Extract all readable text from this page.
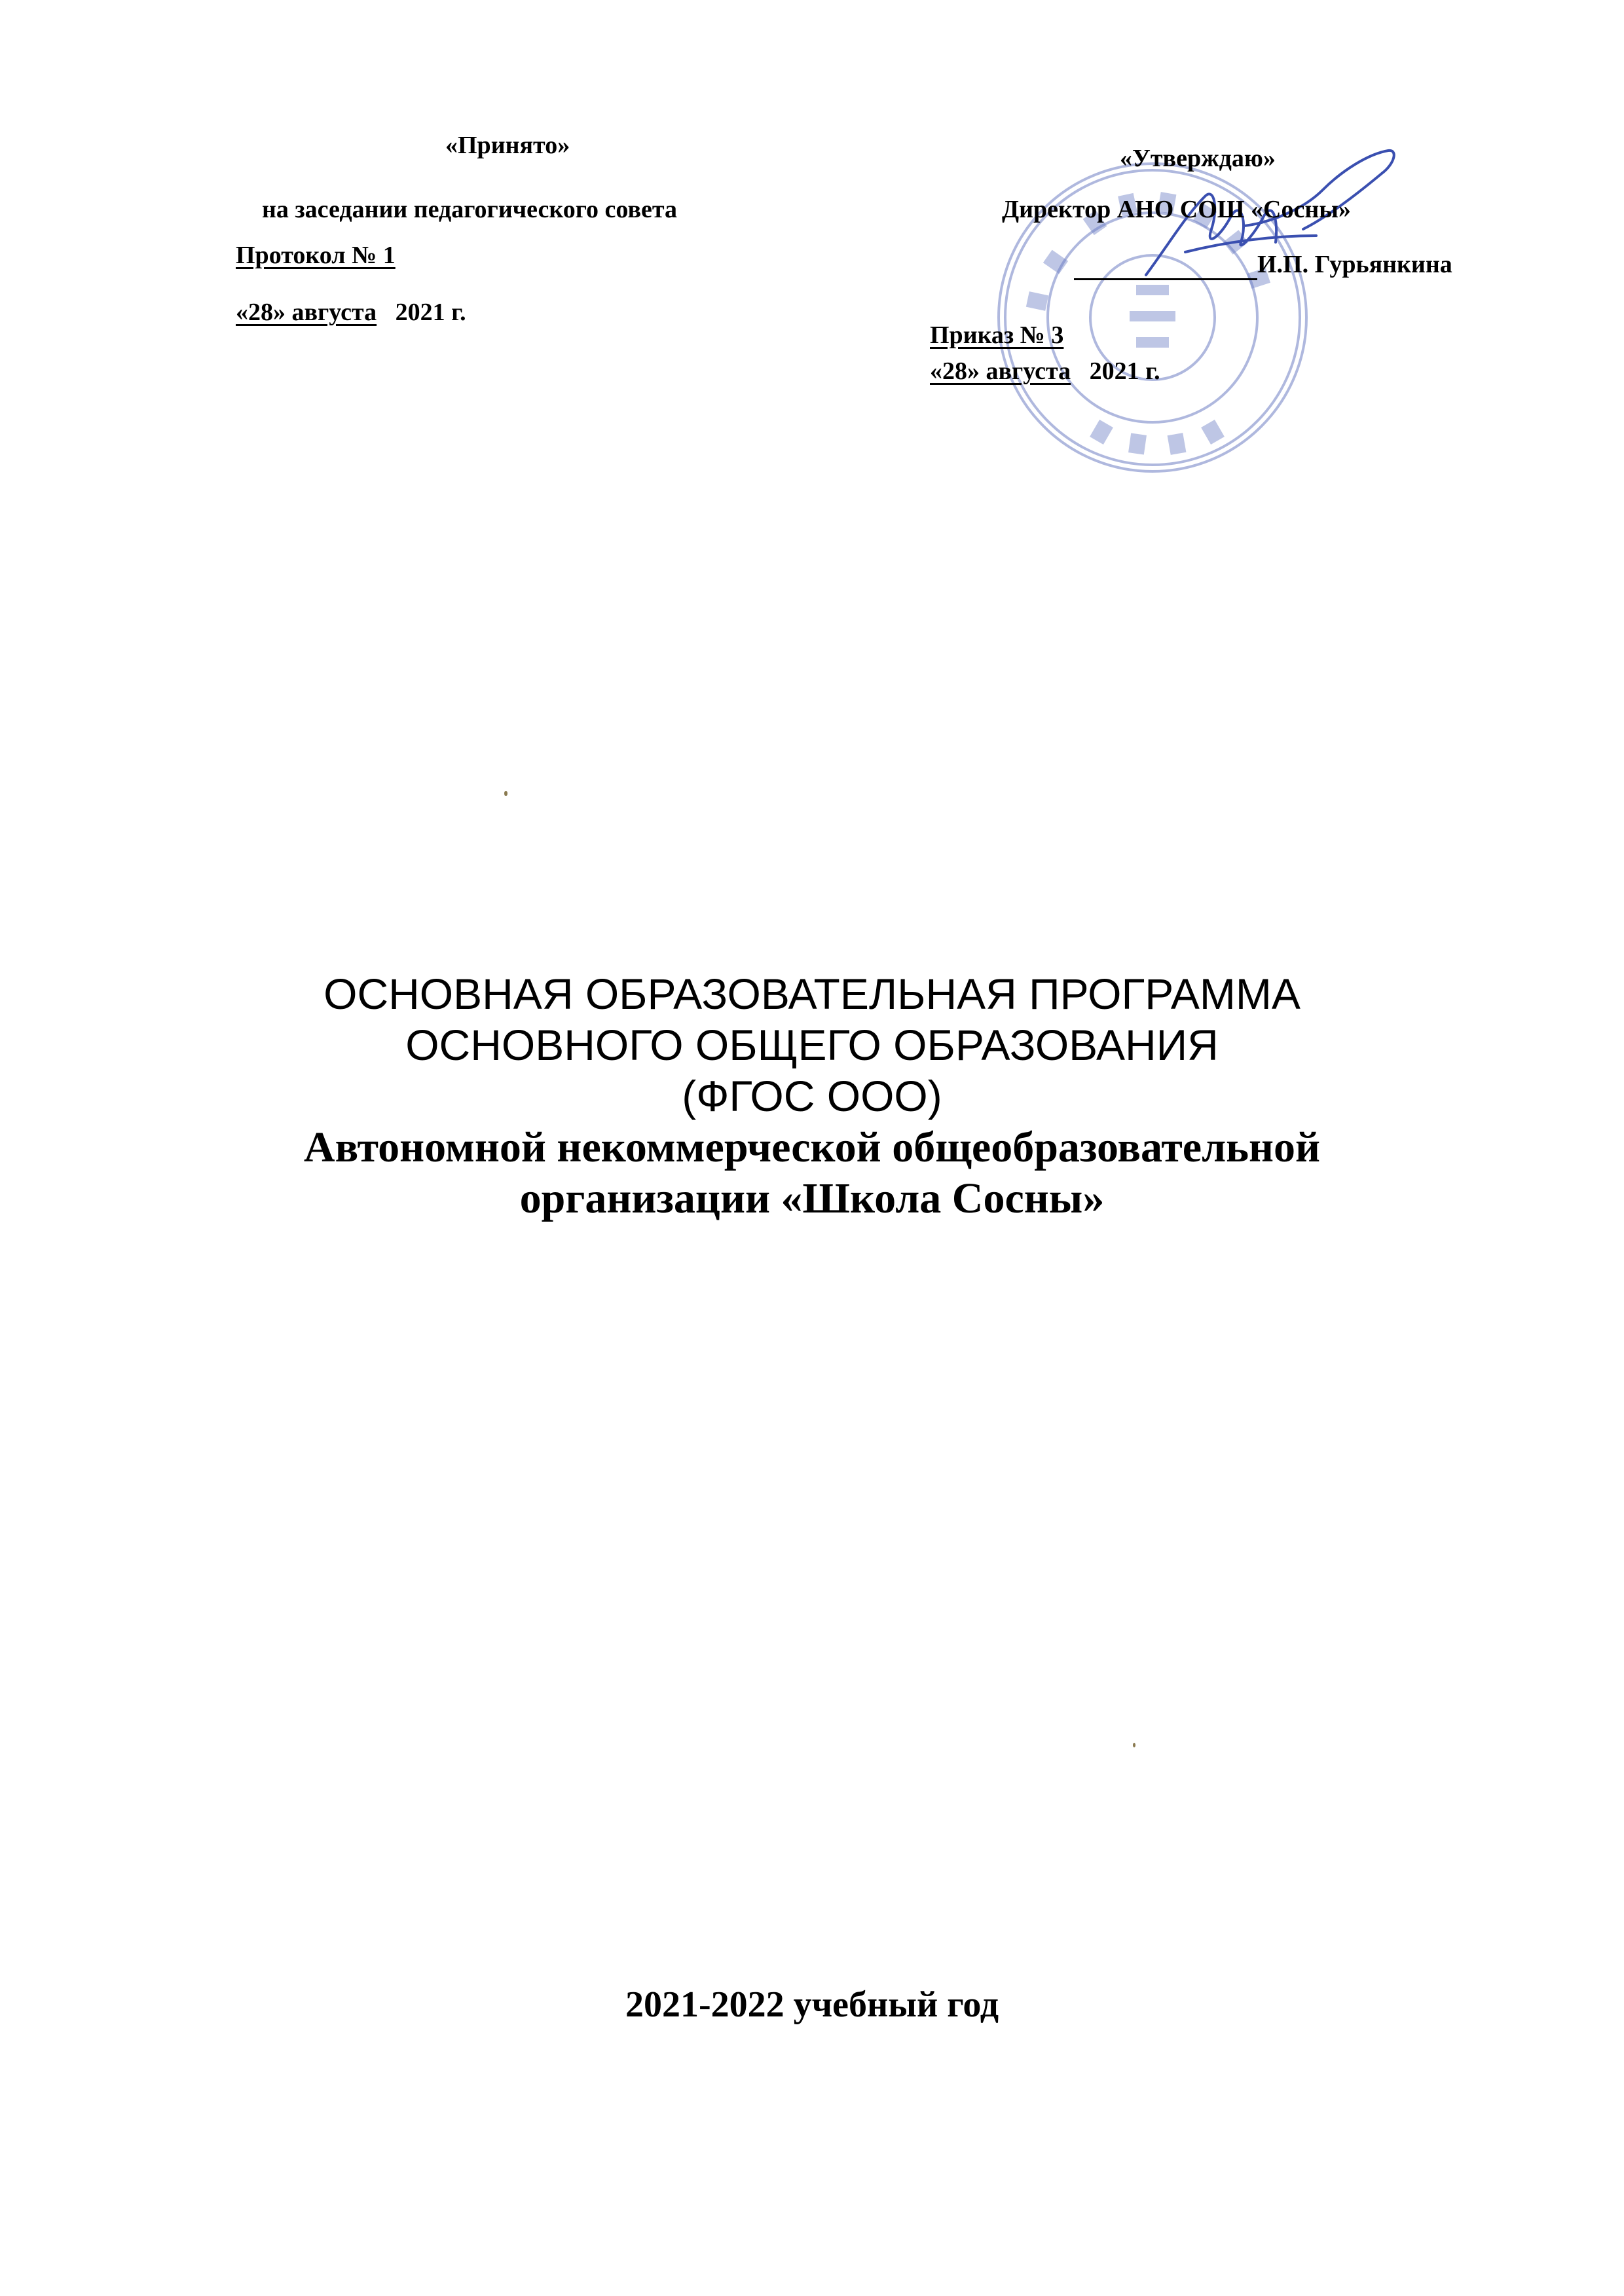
«Принято»
на заседании педагогического совета
Протокол № 1
«28» августа 2021 г.
«Утверждаю»
Директор АНО СОШ «Сосны»
И.П. Гурьянкина
Приказ № 3
«28» августа 2021 г.
ОСНОВНАЯ ОБРАЗОВАТЕЛЬНАЯ ПРОГРАММА
ОСНОВНОГО ОБЩЕГО ОБРАЗОВАНИЯ
(ФГОС ООО)
Автономной некоммерческой общеобразовательной
организации «Школа Сосны»
2021-2022 учебный год
